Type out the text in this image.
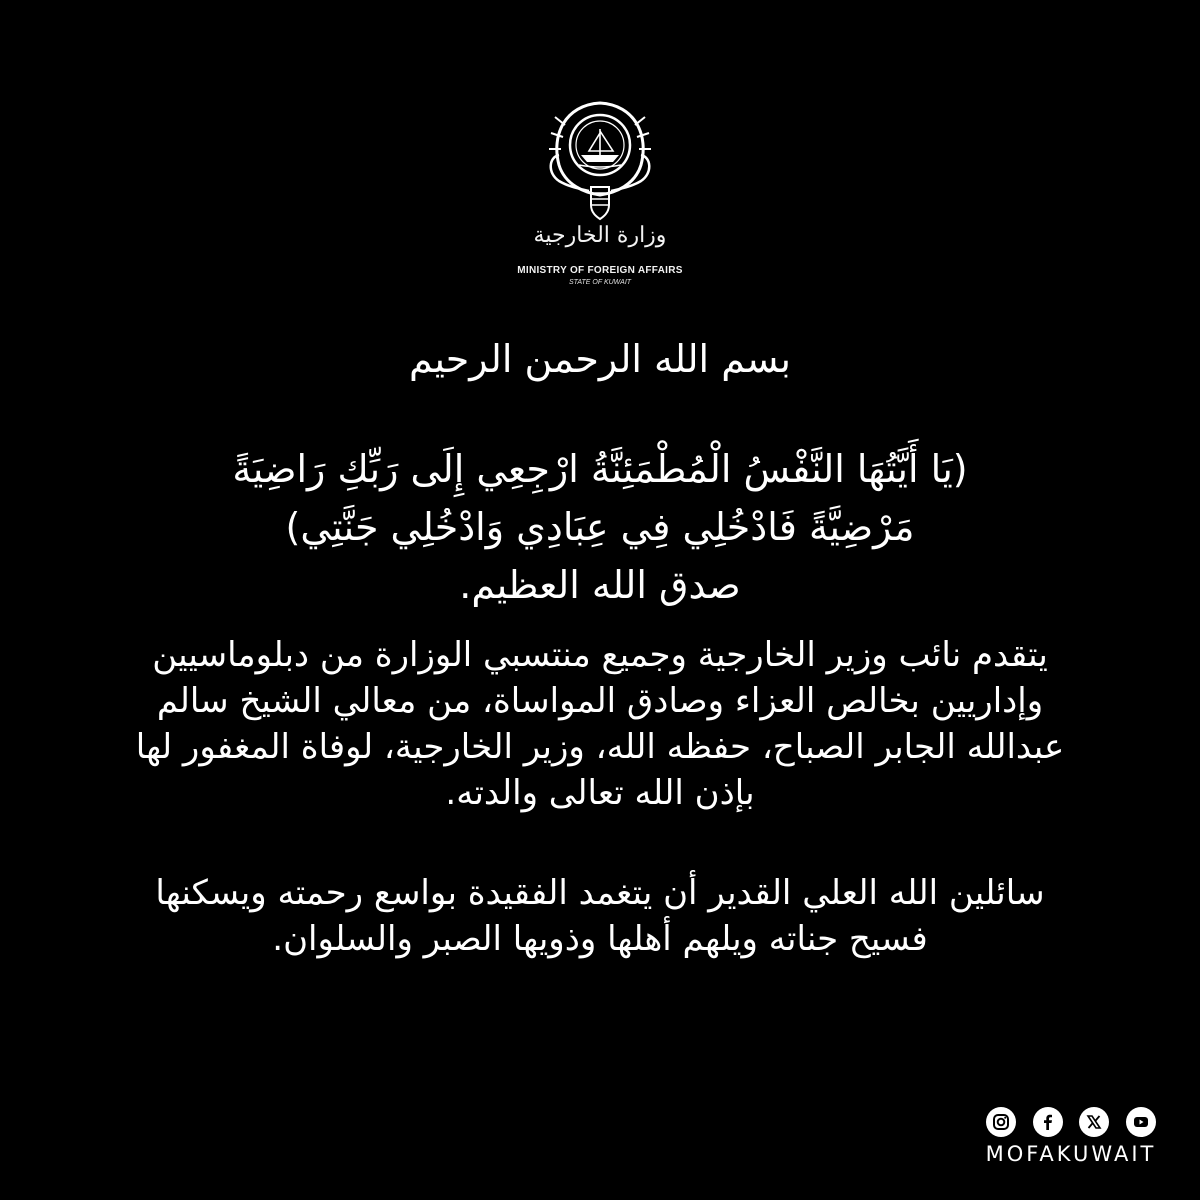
وزارة الخارجية
MINISTRY OF FOREIGN AFFAIRS
STATE OF KUWAIT
بسم الله الرحمن الرحيم
(يَا أَيَّتُهَا النَّفْسُ الْمُطْمَئِنَّةُ ارْجِعِي إِلَى رَبِّكِ رَاضِيَةً
مَرْضِيَّةً فَادْخُلِي فِي عِبَادِي وَادْخُلِي جَنَّتِي)
صدق الله العظيم.
يتقدم نائب وزير الخارجية وجميع منتسبي الوزارة من دبلوماسيين
وإداريين بخالص العزاء وصادق المواساة، من معالي الشيخ سالم
عبدالله الجابر الصباح، حفظه الله، وزير الخارجية، لوفاة المغفور لها
بإذن الله تعالى والدته.
سائلين الله العلي القدير أن يتغمد الفقيدة بواسع رحمته ويسكنها
فسيح جناته ويلهم أهلها وذويها الصبر والسلوان.
MOFAKUWAIT
